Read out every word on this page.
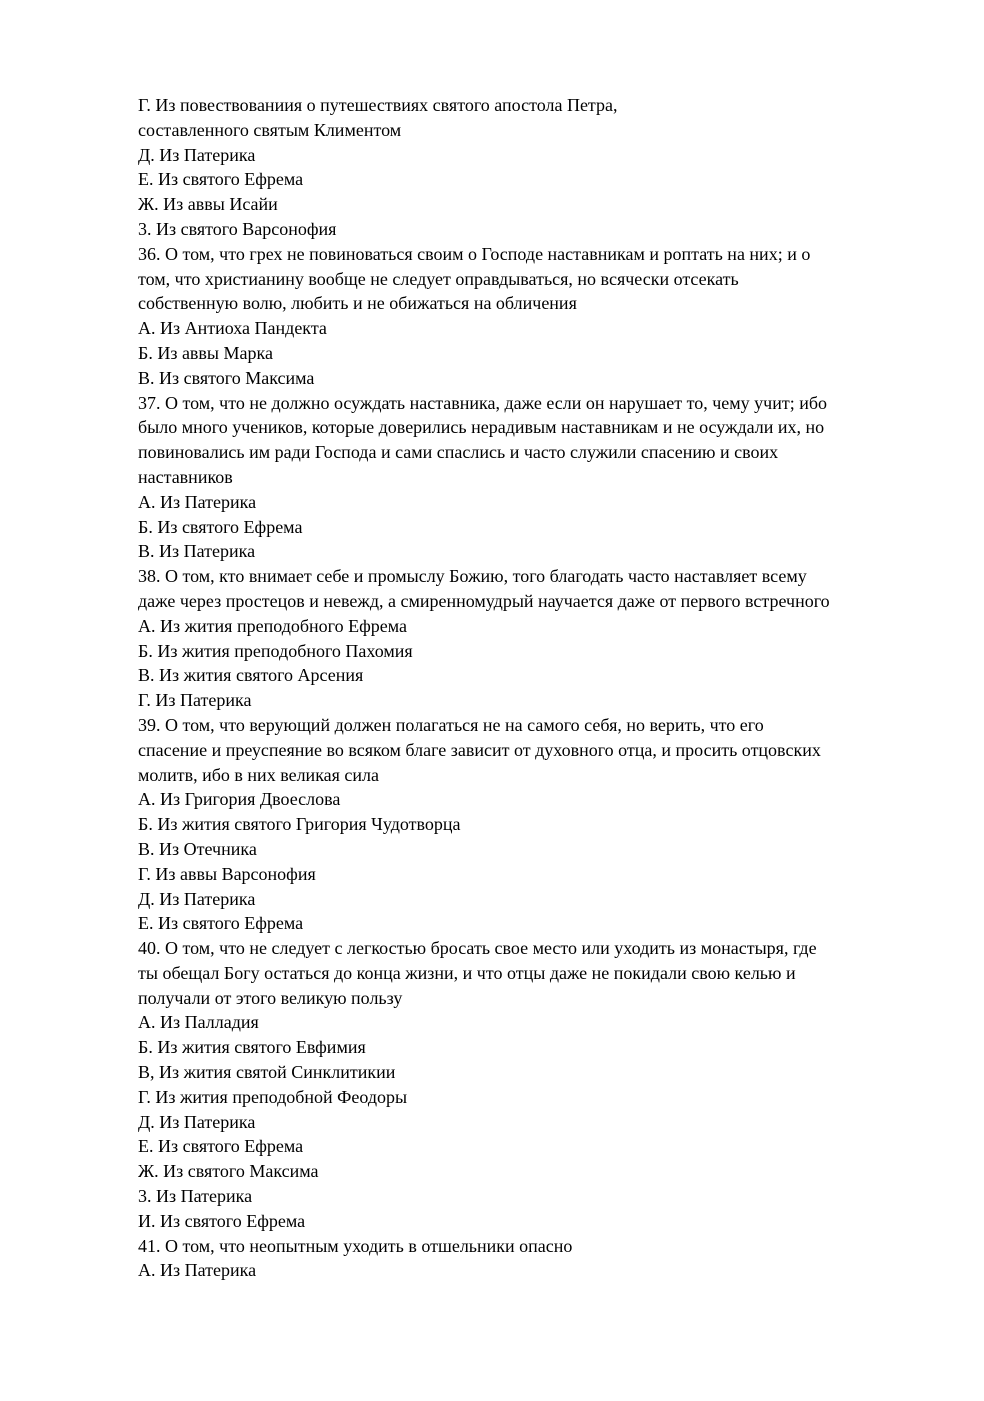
Г. Из повествованиия о путешествиях святого апостола Петра,
составленного святым Климентом
Д. Из Патерика
Е. Из святого Ефрема
Ж. Из аввы Исайи
3. Из святого Варсонофия
36. О том, что грех не повиноваться своим о Господе наставникам и роптать на них; и о
том, что христианину вообще не следует оправдываться, но всячески отсекать
собственную волю, любить и не обижаться на обличения
А. Из Антиоха Пандекта
Б. Из аввы Марка
В. Из святого Максима
37. О том, что не должно осуждать наставника, даже если он нарушает то, чему учит; ибо
было много учеников, которые доверились нерадивым наставникам и не осуждали их, но
повиновались им ради Господа и сами спаслись и часто служили спасению и своих
наставников
А. Из Патерика
Б. Из святого Ефрема
В. Из Патерика
38. О том, кто внимает себе и промыслу Божию, того благодать часто наставляет всему
даже через простецов и невежд, а смиренномудрый научается даже от первого встречного
А. Из жития преподобного Ефрема
Б. Из жития преподобного Пахомия
В. Из жития святого Арсения
Г. Из Патерика
39. О том, что верующий должен полагаться не на самого себя, но верить, что его
спасение и преуспеяние во всяком благе зависит от духовного отца, и просить отцовских
молитв, ибо в них великая сила
А. Из Григория Двоеслова
Б. Из жития святого Григория Чудотворца
В. Из Отечника
Г. Из аввы Варсонофия
Д. Из Патерика
Е. Из святого Ефрема
40. О том, что не следует с легкостью бросать свое место или уходить из монастыря, где
ты обещал Богу остаться до конца жизни, и что отцы даже не покидали свою келью и
получали от этого великую пользу
А. Из Палладия
Б. Из жития святого Евфимия
В, Из жития святой Синклитикии
Г. Из жития преподобной Феодоры
Д. Из Патерика
Е. Из святого Ефрема
Ж. Из святого Максима
3. Из Патерика
И. Из святого Ефрема
41. О том, что неопытным уходить в отшельники опасно
А. Из Патерика
